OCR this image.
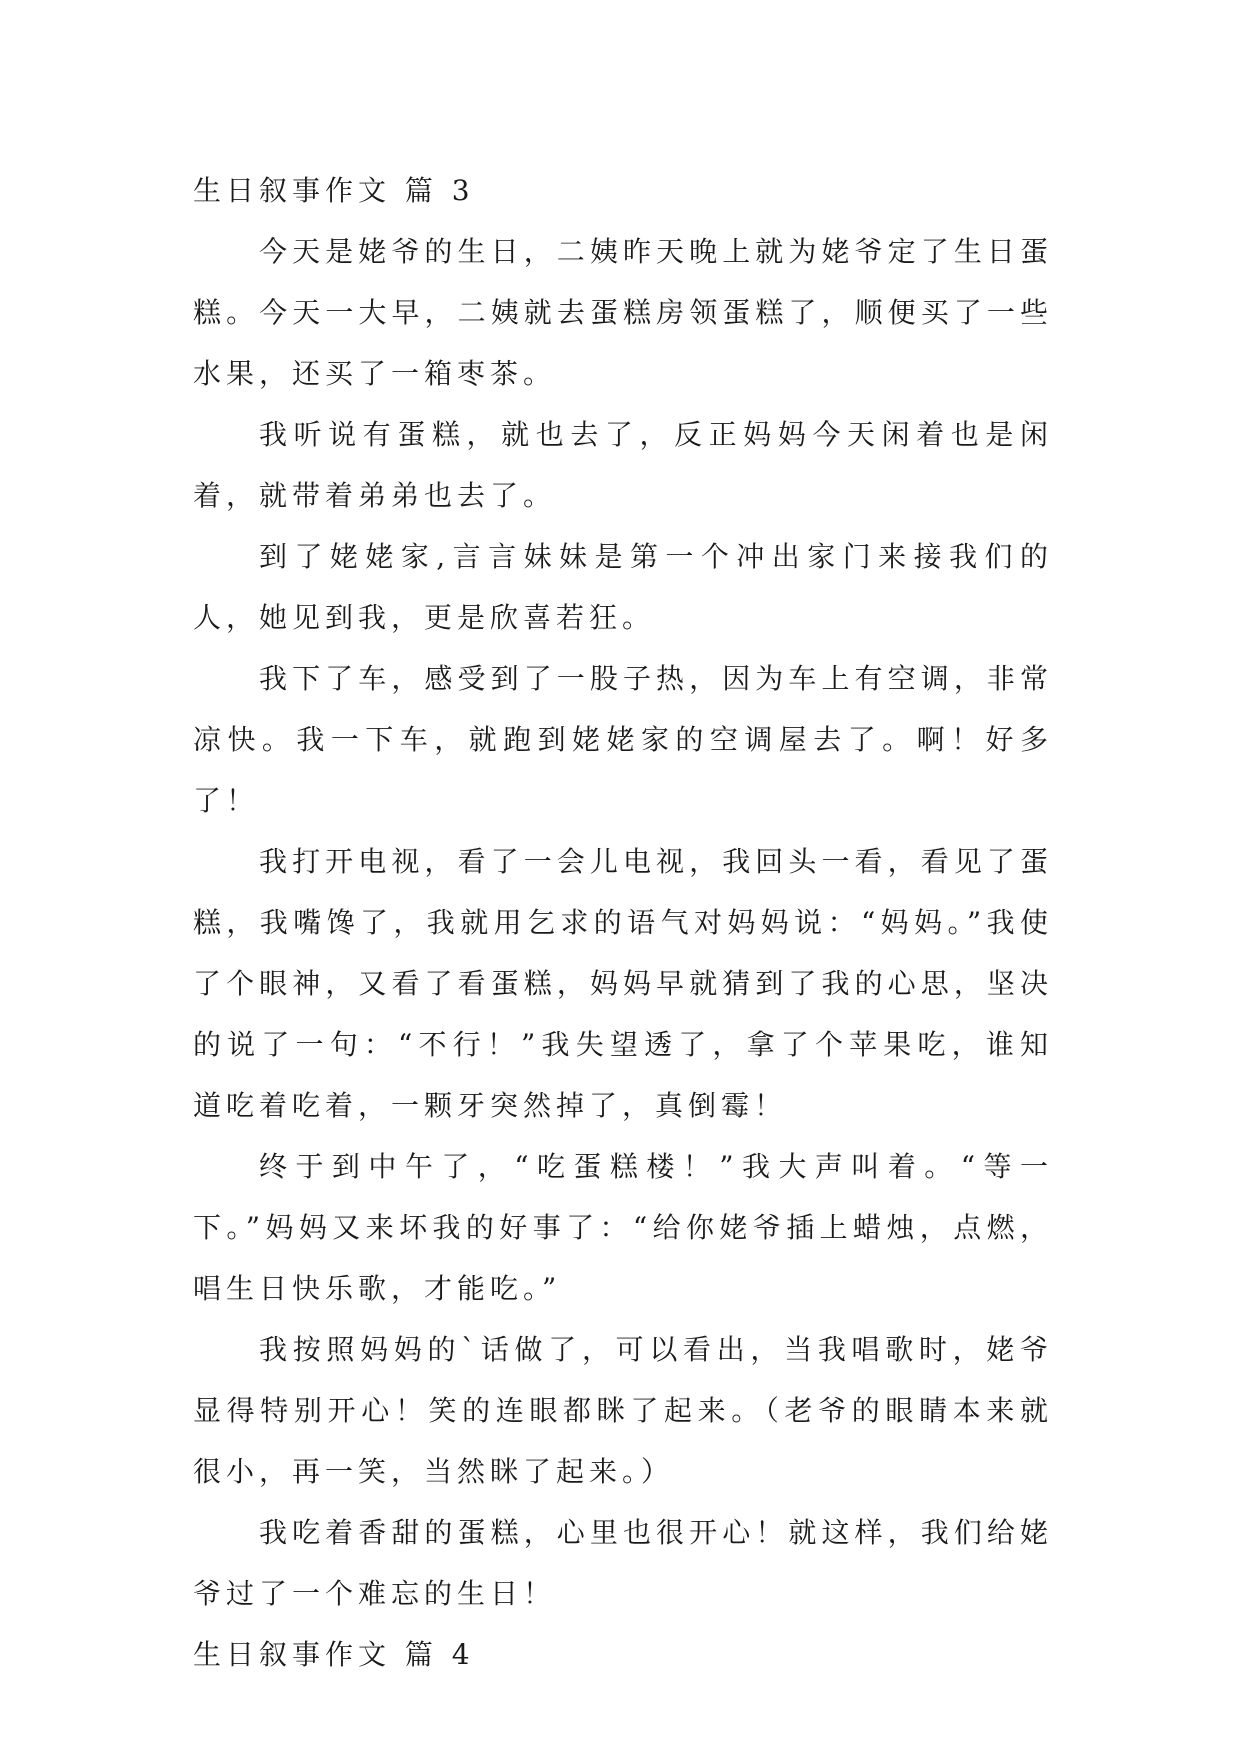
生日叙事作文 篇 3

今天是姥爷的生日，二姨昨天晚上就为姥爷定了生日蛋糕。今天一大早，二姨就去蛋糕房领蛋糕了，顺便买了一些水果，还买了一箱枣茶。

我听说有蛋糕，就也去了，反正妈妈今天闲着也是闲着，就带着弟弟也去了。

到了姥姥家,言言妹妹是第一个冲出家门来接我们的人，她见到我，更是欣喜若狂。

我下了车，感受到了一股子热，因为车上有空调，非常凉快。我一下车，就跑到姥姥家的空调屋去了。啊！好多了！

我打开电视，看了一会儿电视，我回头一看，看见了蛋糕，我嘴馋了，我就用乞求的语气对妈妈说：“妈妈。”我使了个眼神，又看了看蛋糕，妈妈早就猜到了我的心思，坚决的说了一句：“不行！”我失望透了，拿了个苹果吃，谁知道吃着吃着，一颗牙突然掉了，真倒霉！

终于到中午了，“吃蛋糕楼！”我大声叫着。“等一下。”妈妈又来坏我的好事了：“给你姥爷插上蜡烛，点燃，唱生日快乐歌，才能吃。”

我按照妈妈的`话做了，可以看出，当我唱歌时，姥爷显得特别开心！笑的连眼都眯了起来。（老爷的眼睛本来就很小，再一笑，当然眯了起来。）

我吃着香甜的蛋糕，心里也很开心！就这样，我们给姥爷过了一个难忘的生日！

生日叙事作文 篇 4
